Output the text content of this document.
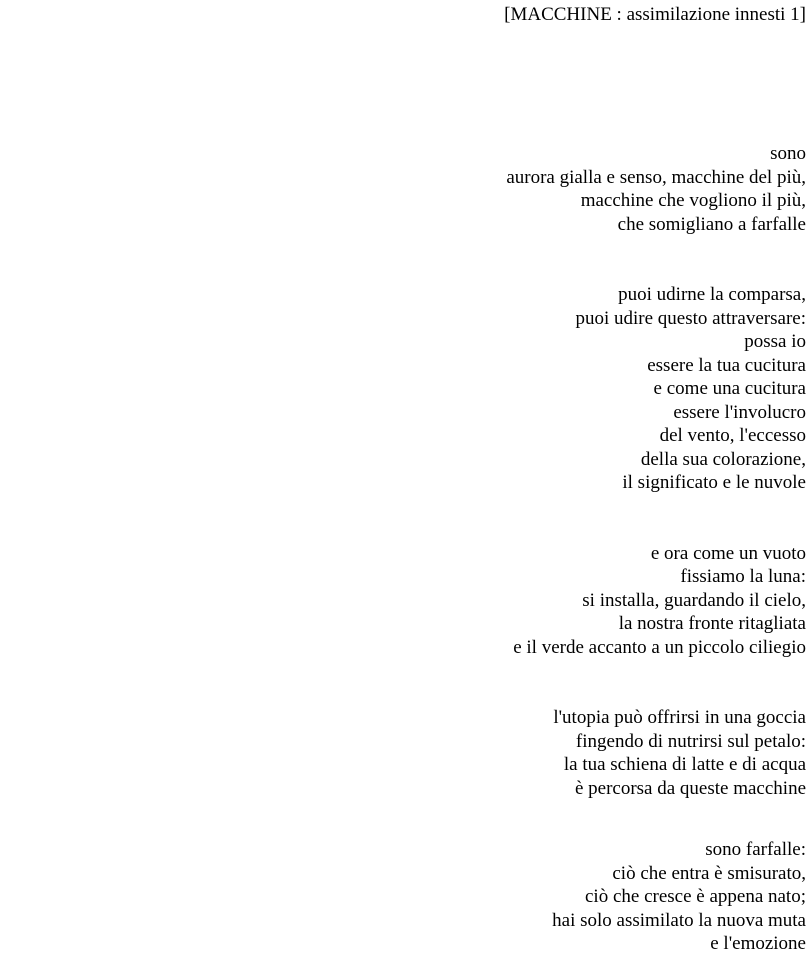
[MACCHINE : assimilazione innesti 1]
sono
aurora gialla e senso, macchine del più,
macchine che vogliono il più,
che somigliano a farfalle
puoi udirne la comparsa,
puoi udire questo attraversare:
possa io
essere la tua cucitura
e come una cucitura
essere l'involucro
del vento, l'eccesso
della sua colorazione,
il significato e le nuvole
e ora come un vuoto
fissiamo la luna:
si installa, guardando il cielo,
la nostra fronte ritagliata
e il verde accanto a un piccolo ciliegio
l'utopia può offrirsi in una goccia
fingendo di nutrirsi sul petalo:
la tua schiena di latte e di acqua
è percorsa da queste macchine
sono farfalle:
ciò che entra è smisurato,
ciò che cresce è appena nato;
hai solo assimilato la nuova muta
e l'emozione
